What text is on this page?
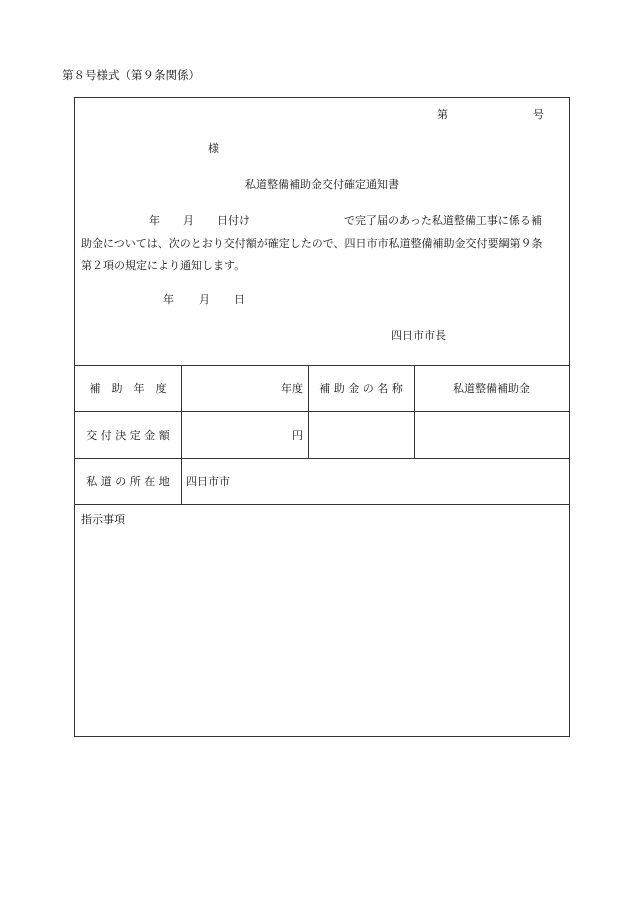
第８号様式（第９条関係）
第	号
様
私道整備補助金交付確定通知書
年 月 日付け	で完了届のあった私道整備工事に係る補
助金については、次のとおり交付額が確定したので、四日市市私道整備補助金交付要綱第９条
第２項の規定により通知します。
年 月 日
四日市市長
補　助　年　度	年度	補 助 金 の 名 称	私道整備補助金
交 付 決 定 金 額	円
私 道 の 所 在 地	四日市市
指示事項
